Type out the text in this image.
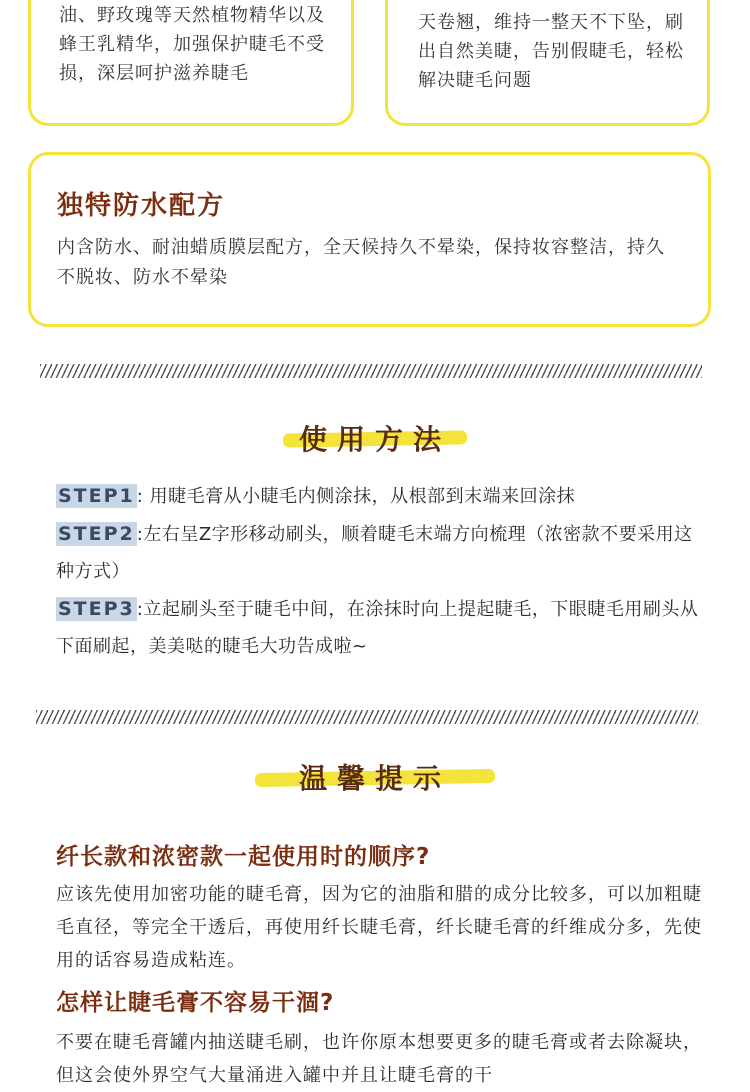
油、野玫瑰等天然植物精华以及蜂王乳精华，加强保护睫毛不受损，深层呵护滋养睫毛

天卷翘，维持一整天不下坠，刷出自然美睫，告别假睫毛，轻松解决睫毛问题

独特防水配方

内含防水、耐油蜡质膜层配方，全天候持久不晕染，保持妆容整洁，持久不脱妆、防水不晕染

使用方法

STEP1 : 用睫毛膏从小睫毛内侧涂抹，从根部到末端来回涂抹

STEP2 :左右呈Z字形移动刷头，顺着睫毛末端方向梳理（浓密款不要采用这种方式）

STEP3 :立起刷头至于睫毛中间，在涂抹时向上提起睫毛，下眼睫毛用刷头从下面刷起，美美哒的睫毛大功告成啦~

温馨提示
纤长款和浓密款一起使用时的顺序?

应该先使用加密功能的睫毛膏，因为它的油脂和腊的成分比较多，可以加粗睫毛直径，等完全干透后，再使用纤长睫毛膏，纤长睫毛膏的纤维成分多，先使用的话容易造成粘连。

怎样让睫毛膏不容易干涸?

不要在睫毛膏罐内抽送睫毛刷，也许你原本想要更多的睫毛膏或者去除凝块，但这会使外界空气大量涌进入罐中并且让睫毛膏的干
